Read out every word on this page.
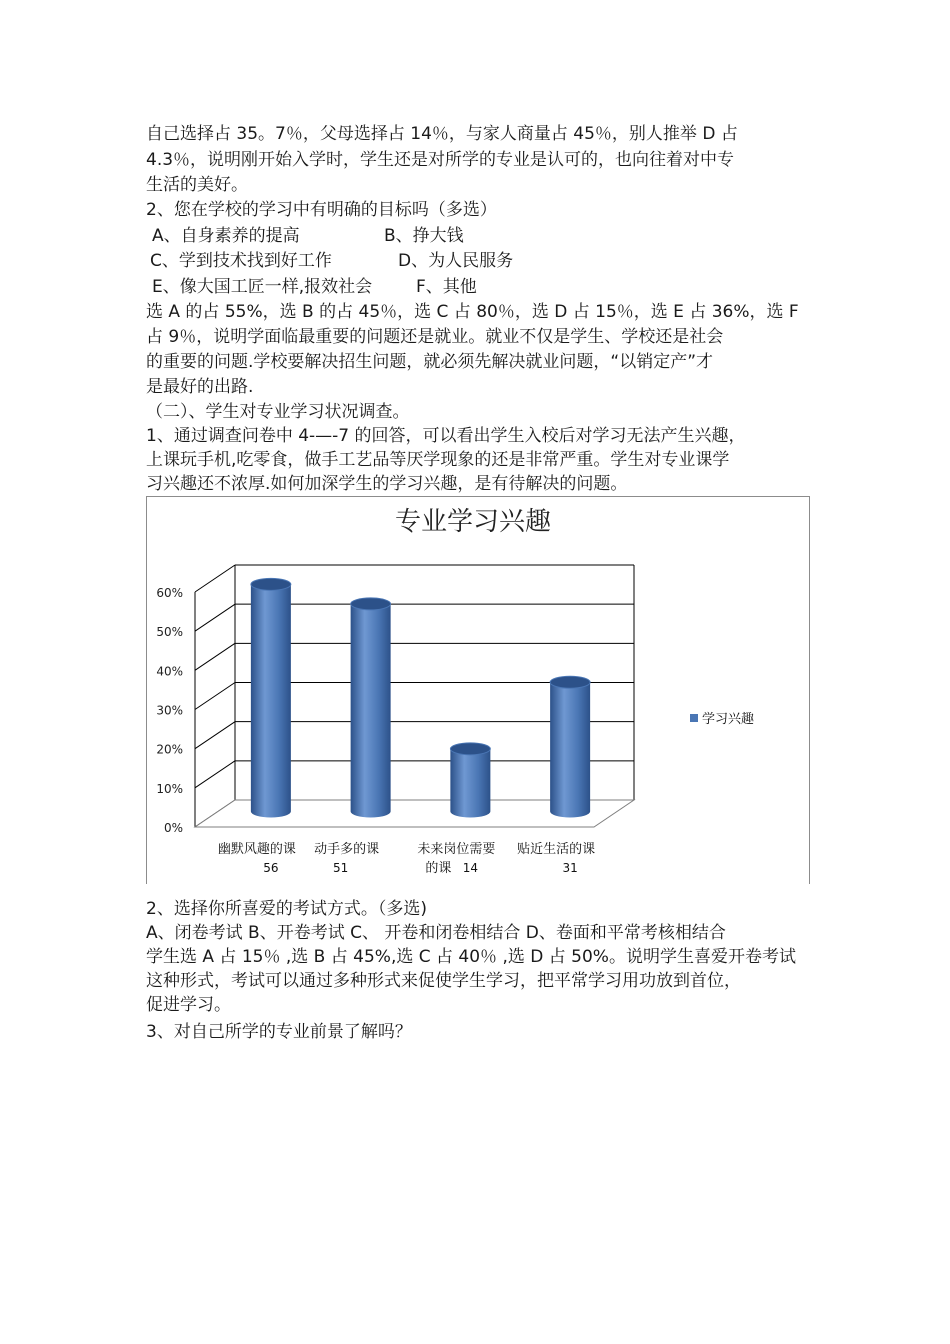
自己选择占 35。7％，父母选择占 14％，与家人商量占 45％，别人推举 D 占
4.3％，说明刚开始入学时，学生还是对所学的专业是认可的，也向往着对中专
生活的美好。
2、您在学校的学习中有明确的目标吗（多选）
A、自身素养的提高	B、挣大钱
C、学到技术找到好工作	D、为人民服务
E、像大国工匠一样,报效社会	F、其他
选 A 的占 55%，选 B 的占 45％，选 C 占 80％，选 D 占 15％，选 E 占 36%，选 F
占 9％，说明学面临最重要的问题还是就业。就业不仅是学生、学校还是社会
的重要的问题.学校要解决招生问题，就必须先解决就业问题，“以销定产”才
是最好的出路.
（二）、学生对专业学习状况调查。
1、通过调查问卷中 4-—-7 的回答，可以看出学生入校后对学习无法产生兴趣，
上课玩手机,吃零食，做手工艺品等厌学现象的还是非常严重。学生对专业课学
习兴趣还不浓厚.如何加深学生的学习兴趣，是有待解决的问题。
专业学习兴趣
0%
10%
20%
30%
40%
50%
60%
幽默风趣的课
56
动手多的课
51
未来岗位需要
的课 14
贴近生活的课
31
学习兴趣
2、选择你所喜爱的考试方式。（多选)
A、闭卷考试 B、开卷考试 C、 开卷和闭卷相结合 D、卷面和平常考核相结合
学生选 A 占 15％ ,选 B 占 45%,选 C 占 40％ ,选 D 占 50%。说明学生喜爱开卷考试
这种形式，考试可以通过多种形式来促使学生学习，把平常学习用功放到首位，
促进学习。
3、对自己所学的专业前景了解吗？
